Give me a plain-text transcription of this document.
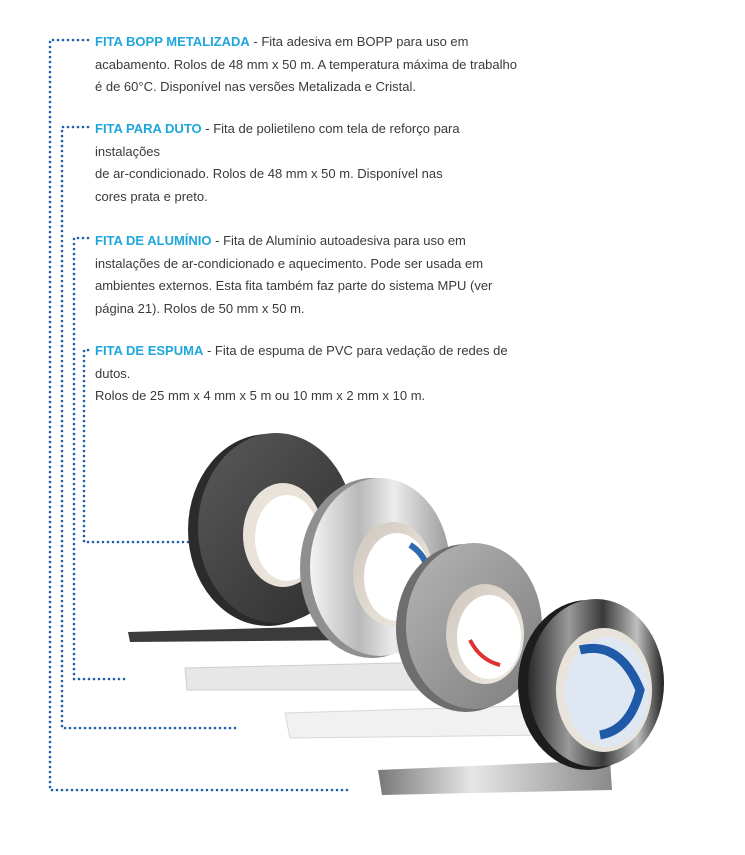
FITA BOPP METALIZADA - Fita adesiva em BOPP para uso em

acabamento. Rolos de 48 mm x 50 m. A temperatura máxima de trabalho

é de 60°C. Disponível nas versões Metalizada e Cristal.

FITA PARA DUTO - Fita de polietileno com tela de reforço para

instalações

de ar-condicionado. Rolos de 48 mm x 50 m. Disponível nas

cores prata e preto.

FITA DE ALUMÍNIO - Fita de Alumínio autoadesiva para uso em

instalações de ar-condicionado e aquecimento. Pode ser usada em

ambientes externos. Esta fita também faz parte do sistema MPU (ver

página 21). Rolos de 50 mm x 50 m.

FITA DE ESPUMA - Fita de espuma de PVC para vedação de redes de

dutos.

Rolos de 25 mm x 4 mm x 5 m ou 10 mm x 2 mm x 10 m.
